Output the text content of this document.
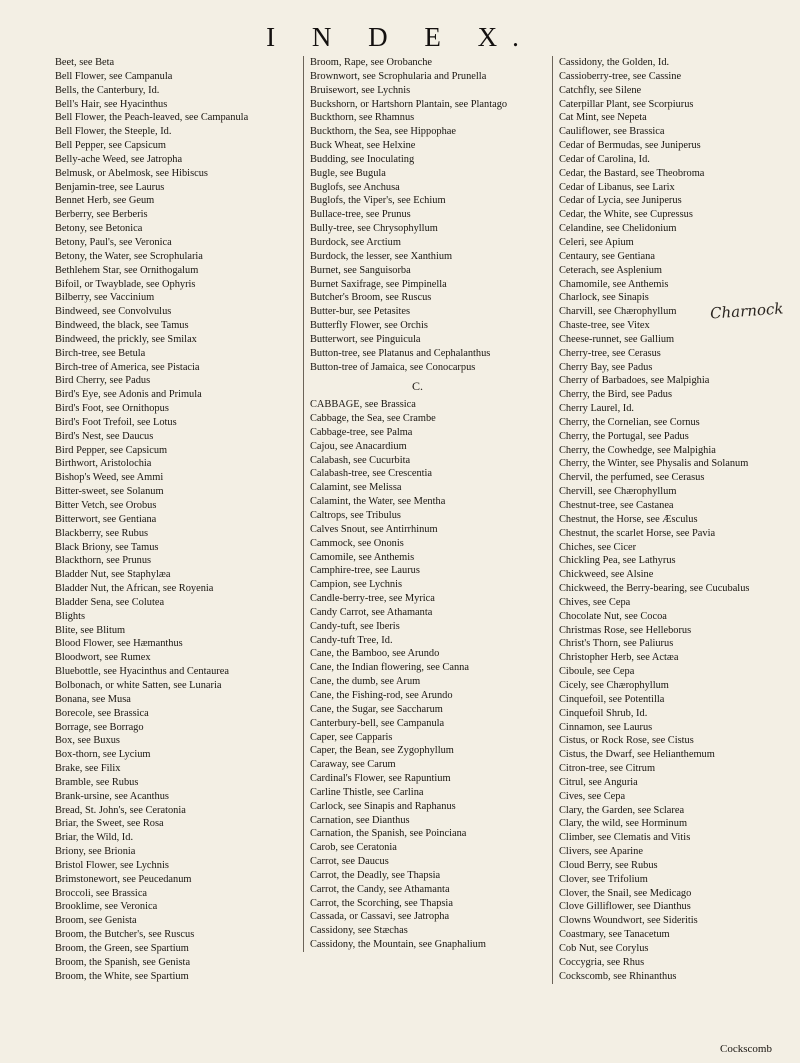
I N D E X.
Beet, see Beta
Bell Flower, see Campanula
Bells, the Canterbury, Id.
Bell's Hair, see Hyacinthus
Bell Flower, the Peach-leaved, see Campanula
Bell Flower, the Steeple, Id.
Bell Pepper, see Capsicum
Belly-ache Weed, see Jatropha
Belmusk, or Abelmosk, see Hibiscus
Benjamin-tree, see Laurus
Bennet Herb, see Geum
Berberry, see Berberis
Betony, see Betonica
Betony, Paul's, see Veronica
Betony, the Water, see Scrophularia
Bethlehem Star, see Ornithogalum
Bifoil, or Twayblade, see Ophyris
Bilberry, see Vaccinium
Bindweed, see Convolvulus
Bindweed, the black, see Tamus
Bindweed, the prickly, see Smilax
Birch-tree, see Betula
Birch-tree of America, see Pistacia
Bird Cherry, see Padus
Bird's Eye, see Adonis and Primula
Bird's Foot, see Ornithopus
Bird's Foot Trefoil, see Lotus
Bird's Nest, see Daucus
Bird Pepper, see Capsicum
Birthwort, Aristolochia
Bishop's Weed, see Ammi
Bitter-sweet, see Solanum
Bitter Vetch, see Orobus
Bitterwort, see Gentiana
Blackberry, see Rubus
Black Briony, see Tamus
Blackthorn, see Prunus
Bladder Nut, see Staphylæa
Bladder Nut, the African, see Royenia
Bladder Sena, see Colutea
Blights
Blite, see Blitum
Blood Flower, see Hæmanthus
Bloodwort, see Rumex
Bluebottle, see Hyacinthus and Centaurea
Bolbonach, or white Satten, see Lunaria
Bonana, see Musa
Borecole, see Brassica
Borrage, see Borrago
Box, see Buxus
Box-thorn, see Lycium
Brake, see Filix
Bramble, see Rubus
Brank-ursine, see Acanthus
Bread, St. John's, see Ceratonia
Briar, the Sweet, see Rosa
Briar, the Wild, Id.
Briony, see Brionia
Bristol Flower, see Lychnis
Brimstonewort, see Peucedanum
Broccoli, see Brassica
Brooklime, see Veronica
Broom, see Genista
Broom, the Butcher's, see Ruscus
Broom, the Green, see Spartium
Broom, the Spanish, see Genista
Broom, the White, see Spartium
Broom, Rape, see Orobanche
Brownwort, see Scrophularia and Prunella
Bruisewort, see Lychnis
Buckshorn, or Hartshorn Plantain, see Plantago
Buckthorn, see Rhamnus
Buckthorn, the Sea, see Hippophae
Buck Wheat, see Helxine
Budding, see Inoculating
Bugle, see Bugula
Buglofs, see Anchusa
Buglofs, the Viper's, see Echium
Bullace-tree, see Prunus
Bully-tree, see Chrysophyllum
Burdock, see Arctium
Burdock, the lesser, see Xanthium
Burnet, see Sanguisorba
Burnet Saxifrage, see Pimpinella
Butcher's Broom, see Ruscus
Butter-bur, see Petasites
Butterfly Flower, see Orchis
Butterwort, see Pinguicula
Button-tree, see Platanus and Cephalanthus
Button-tree of Jamaica, see Conocarpus
C.
CABBAGE, see Brassica
Cabbage, the Sea, see Crambe
Cabbage-tree, see Palma
Cajou, see Anacardium
Calabash, see Cucurbita
Calabash-tree, see Crescentia
Calamint, see Melissa
Calamint, the Water, see Mentha
Caltrops, see Tribulus
Calves Snout, see Antirrhinum
Cammock, see Ononis
Camomile, see Anthemis
Camphire-tree, see Laurus
Campion, see Lychnis
Candle-berry-tree, see Myrica
Candy Carrot, see Athamanta
Candy-tuft, see Iberis
Candy-tuft Tree, Id.
Cane, the Bamboo, see Arundo
Cane, the Indian flowering, see Canna
Cane, the dumb, see Arum
Cane, the Fishing-rod, see Arundo
Cane, the Sugar, see Saccharum
Canterbury-bell, see Campanula
Caper, see Capparis
Caper, the Bean, see Zygophyllum
Caraway, see Carum
Cardinal's Flower, see Rapuntium
Carline Thistle, see Carlina
Carlock, see Sinapis and Raphanus
Carnation, see Dianthus
Carnation, the Spanish, see Poinciana
Carob, see Ceratonia
Carrot, see Daucus
Carrot, the Deadly, see Thapsia
Carrot, the Candy, see Athamanta
Carrot, the Scorching, see Thapsia
Cassada, or Cassavi, see Jatropha
Cassidony, see Stæchas
Cassidony, the Mountain, see Gnaphalium
Cassidony, the Golden, Id.
Cassioberry-tree, see Cassine
Catchfly, see Silene
Caterpillar Plant, see Scorpiurus
Cat Mint, see Nepeta
Cauliflower, see Brassica
Cedar of Bermudas, see Juniperus
Cedar of Carolina, Id.
Cedar, the Bastard, see Theobroma
Cedar of Libanus, see Larix
Cedar of Lycia, see Juniperus
Cedar, the White, see Cupressus
Celandine, see Chelidonium
Celeri, see Apium
Centaury, see Gentiana
Ceterach, see Asplenium
Chamomile, see Anthemis
Charlock, see Sinapis
Charvill, see Chærophyllum
Chaste-tree, see Vitex
Cheese-runnet, see Gallium
Cherry-tree, see Cerasus
Cherry Bay, see Padus
Cherry of Barbadoes, see Malpighia
Cherry, the Bird, see Padus
Cherry Laurel, Id.
Cherry, the Cornelian, see Cornus
Cherry, the Portugal, see Padus
Cherry, the Cowhedge, see Malpighia
Cherry, the Winter, see Physalis and Solanum
Chervil, the perfumed, see Cerasus
Chervill, see Chærophyllum
Chestnut-tree, see Castanea
Chestnut, the Horse, see Æsculus
Chestnut, the scarlet Horse, see Pavia
Chiches, see Cicer
Chickling Pea, see Lathyrus
Chickweed, see Alsine
Chickweed, the Berry-bearing, see Cucubalus
Chives, see Cepa
Chocolate Nut, see Cocoa
Christmas Rose, see Helleborus
Christ's Thorn, see Paliurus
Christopher Herb, see Actæa
Ciboule, see Cepa
Cicely, see Chærophyllum
Cinquefoil, see Potentilla
Cinquefoil Shrub, Id.
Cinnamon, see Laurus
Cistus, or Rock Rose, see Cistus
Cistus, the Dwarf, see Helianthemum
Citron-tree, see Citrum
Citrul, see Anguria
Cives, see Cepa
Clary, the Garden, see Sclarea
Clary, the wild, see Horminum
Climber, see Clematis and Vitis
Clivers, see Aparine
Cloud Berry, see Rubus
Clover, see Trifolium
Clover, the Snail, see Medicago
Clove Gilliflower, see Dianthus
Clowns Woundwort, see Sideritis
Coastmary, see Tanacetum
Cob Nut, see Corylus
Coccygria, see Rhus
Cockscomb, see Rhinanthus
Charnock
Cockscomb
